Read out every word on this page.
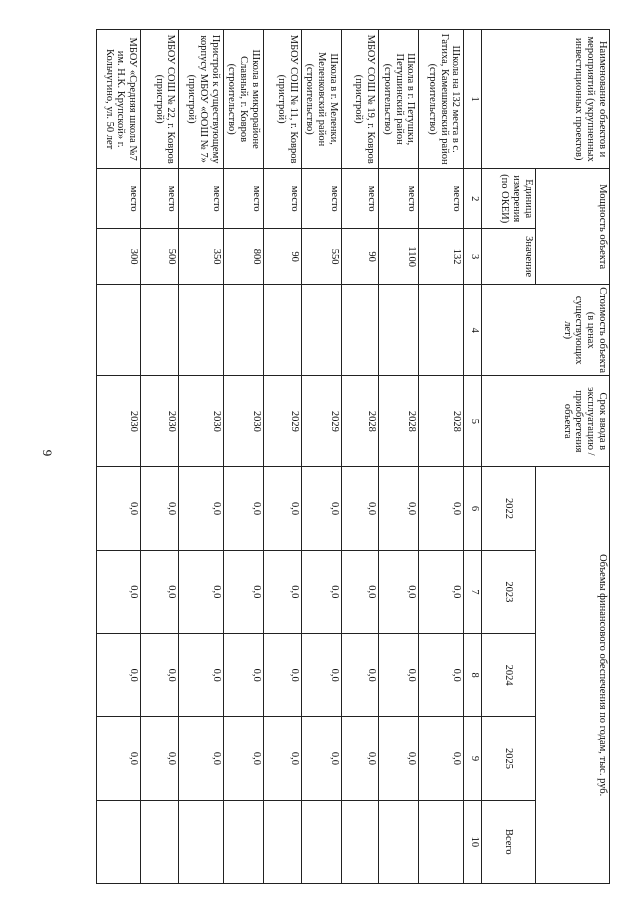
9
Наименование объектов и мероприятий (укрупненных инвестиционных проектов)	Мощность объекта		Стоимость объекта (в ценах существующих лет)	Срок ввода в эксплуатацию /приобретения объекта	Объемы финансового обеспечения по годам, тыс. руб.				
	Единица измерения (по ОКЕИ)	Значение			2022	2023	2024	2025	Всего
1	2	3	4	5	6	7	8	9	10
Школа на 132 места в с. Гатиха, Камешковский район (строительство)	место	132		2028	0,0	0,0	0,0	0,0	
Школа в г. Петушки, Петушинский район (строительство)	место	1100		2028	0,0	0,0	0,0	0,0	
МБОУ СОШ № 19, г. Ковров (пристрой)	место	90		2028	0,0	0,0	0,0	0,0	
Школа в г. Меленки, Меленковский район (строительство)	место	550		2029	0,0	0,0	0,0	0,0	
МБОУ СОШ № 11, г. Ковров (пристрой)	место	90		2029	0,0	0,0	0,0	0,0	
Школа в микрорайоне Славный, г. Ковров (строительство)	место	800		2030	0,0	0,0	0,0	0,0	
Пристрой к существующему корпусу МБОУ «ООШ № 7» (пристрой)	место	350		2030	0,0	0,0	0,0	0,0	
МБОУ СОШ № 22, г. Ковров (пристрой)	место	500		2030	0,0	0,0	0,0	0,0	
МБОУ «Средняя школа №7 им. Н.К. Крупской» г. Кольчугино, ул. 50 лет	место	300		2030	0,0	0,0	0,0	0,0	
